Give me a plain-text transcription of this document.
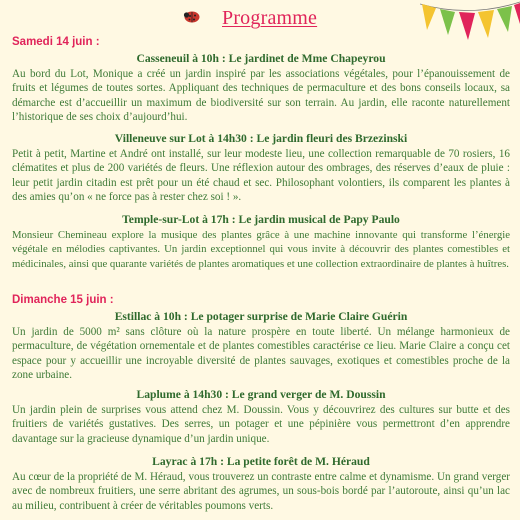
Programme
Samedi 14 juin :
Casseneuil à 10h : Le jardinet de Mme Chapeyrou

Au bord du Lot, Monique a créé un jardin inspiré par les associations végétales, pour l’épanouissement de fruits et légumes de toutes sortes. Appliquant des techniques de permaculture et des bons conseils locaux, sa démarche est d’accueillir un maximum de biodiversité sur son terrain. Au jardin, elle raconte naturellement l’historique de ses choix d’aujourd’hui.

Villeneuve sur Lot à 14h30 : Le jardin fleuri des Brzezinski

Petit à petit, Martine et André ont installé, sur leur modeste lieu, une collection remarquable de 70 rosiers, 16 clématites et plus de 200 variétés de fleurs. Une réflexion autour des ombrages, des réserves d’eaux de pluie : leur petit jardin citadin est prêt pour un été chaud et sec. Philosophant volontiers, ils comparent les plantes à des amies qu’on « ne force pas à rester chez soi ! ».

Temple-sur-Lot à 17h : Le jardin musical de Papy Paulo

Monsieur Chemineau explore la musique des plantes grâce à une machine innovante qui transforme l’énergie végétale en mélodies captivantes. Un jardin exceptionnel qui vous invite à découvrir des plantes comestibles et médicinales, ainsi que quarante variétés de plantes aromatiques et une collection extraordinaire de plantes à huîtres.

Dimanche 15 juin :
Estillac à 10h : Le potager surprise de Marie Claire Guérin

Un jardin de 5000 m² sans clôture où la nature prospère en toute liberté. Un mélange harmonieux de permaculture, de végétation ornementale et de plantes comestibles caractérise ce lieu. Marie Claire a conçu cet espace pour y accueillir une incroyable diversité de plantes sauvages, exotiques et comestibles proche de la zone urbaine.

Laplume à 14h30 : Le grand verger de M. Doussin

Un jardin plein de surprises vous attend chez M. Doussin. Vous y découvrirez des cultures sur butte et des fruitiers de variétés gustatives. Des serres, un potager et une pépinière vous permettront d’en apprendre davantage sur la gracieuse dynamique d’un jardin unique.

Layrac à 17h : La petite forêt de M. Héraud

Au cœur de la propriété de M. Héraud, vous trouverez un contraste entre calme et dynamisme. Un grand verger avec de nombreux fruitiers, une serre abritant des agrumes, un sous-bois bordé par l’autoroute, ainsi qu’un lac au milieu, contribuent à créer de véritables poumons verts.
